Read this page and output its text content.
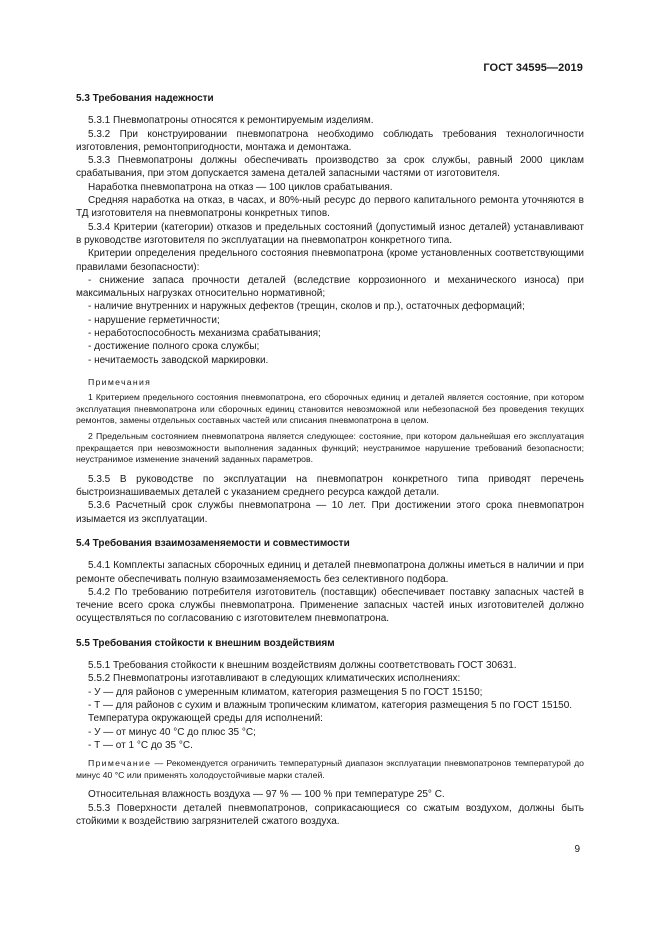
ГОСТ 34595—2019
5.3 Требования надежности

5.3.1 Пневмопатроны относятся к ремонтируемым изделиям.

5.3.2 При конструировании пневмопатрона необходимо соблюдать требования технологичности изготовления, ремонтопригодности, монтажа и демонтажа.

5.3.3 Пневмопатроны должны обеспечивать производство за срок службы, равный 2000 циклам срабатывания, при этом допускается замена деталей запасными частями от изготовителя.

Наработка пневмопатрона на отказ — 100 циклов срабатывания.

Средняя наработка на отказ, в часах, и 80%-ный ресурс до первого капитального ремонта уточняются в ТД изготовителя на пневмопатроны конкретных типов.

5.3.4 Критерии (категории) отказов и предельных состояний (допустимый износ деталей) устанавливают в руководстве изготовителя по эксплуатации на пневмопатрон конкретного типа.

Критерии определения предельного состояния пневмопатрона (кроме установленных соответствующими правилами безопасности):

- снижение запаса прочности деталей (вследствие коррозионного и механического износа) при максимальных нагрузках относительно нормативной;

- наличие внутренних и наружных дефектов (трещин, сколов и пр.), остаточных деформаций;

- нарушение герметичности;

- неработоспособность механизма срабатывания;

- достижение полного срока службы;

- нечитаемость заводской маркировки.

Примечания

1 Критерием предельного состояния пневмопатрона, его сборочных единиц и деталей является состояние, при котором эксплуатация пневмопатрона или сборочных единиц становится невозможной или небезопасной без проведения текущих ремонтов, замены отдельных составных частей или списания пневмопатрона в целом.

2 Предельным состоянием пневмопатрона является следующее: состояние, при котором дальнейшая его эксплуатация прекращается при невозможности выполнения заданных функций; неустранимое нарушение требований безопасности; неустранимое изменение значений заданных параметров.

5.3.5 В руководстве по эксплуатации на пневмопатрон конкретного типа приводят перечень быстроизнашиваемых деталей с указанием среднего ресурса каждой детали.

5.3.6 Расчетный срок службы пневмопатрона — 10 лет. При достижении этого срока пневмопатрон изымается из эксплуатации.

5.4 Требования взаимозаменяемости и совместимости

5.4.1 Комплекты запасных сборочных единиц и деталей пневмопатрона должны иметься в наличии и при ремонте обеспечивать полную взаимозаменяемость без селективного подбора.

5.4.2 По требованию потребителя изготовитель (поставщик) обеспечивает поставку запасных частей в течение всего срока службы пневмопатрона. Применение запасных частей иных изготовителей должно осуществляться по согласованию с изготовителем пневмопатрона.

5.5 Требования стойкости к внешним воздействиям

5.5.1 Требования стойкости к внешним воздействиям должны соответствовать ГОСТ 30631.

5.5.2 Пневмопатроны изготавливают в следующих климатических исполнениях:

- У — для районов с умеренным климатом, категория размещения 5 по ГОСТ 15150;

- Т — для районов с сухим и влажным тропическим климатом, категория размещения 5 по ГОСТ 15150.

Температура окружающей среды для исполнений:

- У — от минус 40 °С до плюс 35 °С;

- Т — от 1 °С до 35 °С.

Примечание — Рекомендуется ограничить температурный диапазон эксплуатации пневмопатронов температурой до минус 40 °С или применять холодоустойчивые марки сталей.

Относительная влажность воздуха — 97 % — 100 % при температуре 25° С.

5.5.3 Поверхности деталей пневмопатронов, соприкасающиеся со сжатым воздухом, должны быть стойкими к воздействию загрязнителей сжатого воздуха.

9
